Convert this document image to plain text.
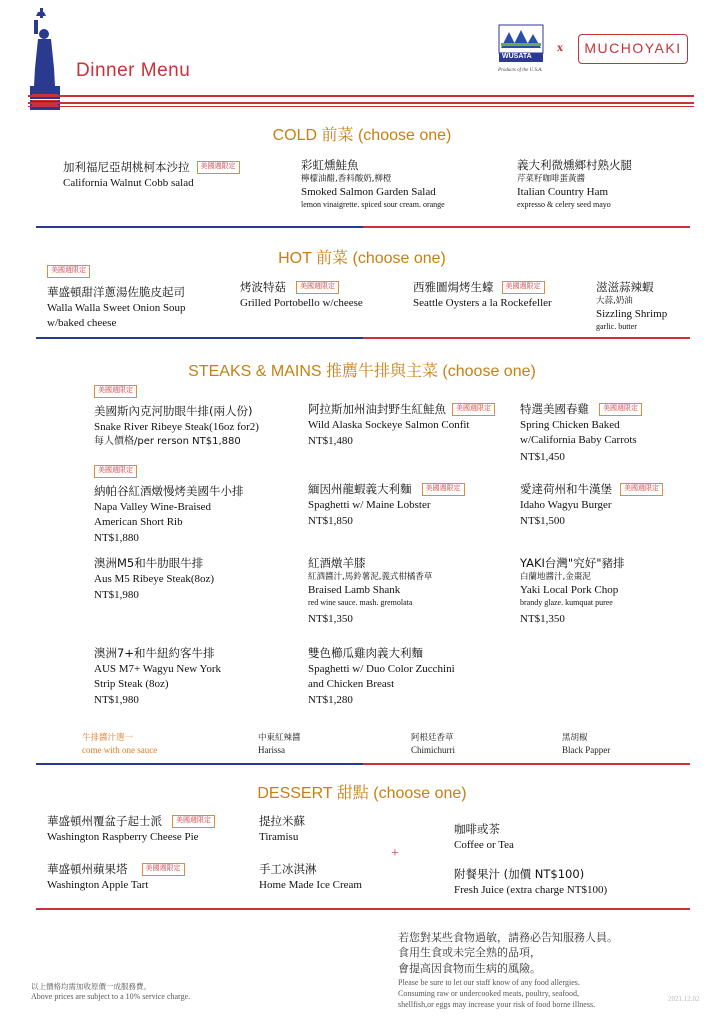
Dinner Menu
WUSATA
Products of the U.S.A.
x	MUCHOYAKI
COLD 前菜 (choose one)
加利福尼亞胡桃柯本沙拉 美國週限定
California Walnut Cobb salad
彩虹燻鮭魚
檸檬油醋,香料酸奶,柳橙
Smoked Salmon Garden Salad
lemon vinaigrette. spiced sour cream. orange
義大利微燻鄉村熟火腿
芹菜籽咖啡蛋黃醬
Italian Country Ham
expresso & celery seed mayo
HOT 前菜 (choose one)
美國週限定
華盛頓甜洋蔥湯佐脆皮起司
Walla Walla Sweet Onion Soup
w/baked cheese
烤波特菇 美國週限定
Grilled Portobello w/cheese
西雅圖焗烤生蠔 美國週限定
Seattle Oysters a la Rockefeller
滋滋蒜辣蝦
大蒜,奶油
Sizzling Shrimp
garlic. butter
STEAKS & MAINS 推薦牛排與主菜 (choose one)
美國週限定
美國斯內克河肋眼牛排(兩人份)
Snake River Ribeye Steak(16oz for2)
每人價格/per rerson NT$1,880
阿拉斯加州油封野生紅鮭魚 美國週限定
Wild Alaska Sockeye Salmon Confit
NT$1,480
特選美國春雞 美國週限定
Spring Chicken Baked
w/California Baby Carrots
NT$1,450
美國週限定
納帕谷紅酒燉慢烤美國牛小排
Napa Valley Wine-Braised
American Short Rib
NT$1,880
緬因州龍蝦義大利麵 美國週限定
Spaghetti w/ Maine Lobster
NT$1,850
愛達荷州和牛漢堡 美國週限定
Idaho Wagyu Burger
NT$1,500
澳洲M5和牛肋眼牛排
Aus M5 Ribeye Steak(8oz)
NT$1,980
紅酒燉羊膝
紅酒醬汁,馬鈴薯泥,義式柑橘香草
Braised Lamb Shank
red wine sauce. mash. gremolata
NT$1,350
YAKI台灣"究好"豬排
白蘭地醬汁,金棗泥
Yaki Local Pork Chop
brandy glaze. kumquat puree
NT$1,350
澳洲7+和牛紐約客牛排
AUS M7+ Wagyu New York
Strip Steak (8oz)
NT$1,980
雙色櫛瓜雞肉義大利麵
Spaghetti w/ Duo Color Zucchini
and Chicken Breast
NT$1,280
牛排醬汁選一
come with one sauce
中東紅辣醬
Harissa
阿根廷香草
Chimichurri
黑胡椒
Black Papper
DESSERT 甜點 (choose one)
華盛頓州覆盆子起士派 美國週限定
Washington Raspberry Cheese Pie
華盛頓州蘋果塔	美國週限定
Washington Apple Tart
提拉米蘇
Tiramisu
手工冰淇淋
Home Made Ice Cream
+
咖啡或茶
Coffee or Tea
附餐果汁 (加價 NT$100)
Fresh Juice (extra charge NT$100)
若您對某些食物過敏，請務必告知服務人員。
食用生食或未完全熟的品項，
會提高因食物而生病的風險。
Please be sure to let our staff know of any food allergies.
Consuming raw or undercooked meats, poultry, seafood,
shellfish,or eggs may increase your risk of food borne illness.
以上價格均需加收原價一成服務費。
Above prices are subject to a 10% service charge.	2021.12.02
